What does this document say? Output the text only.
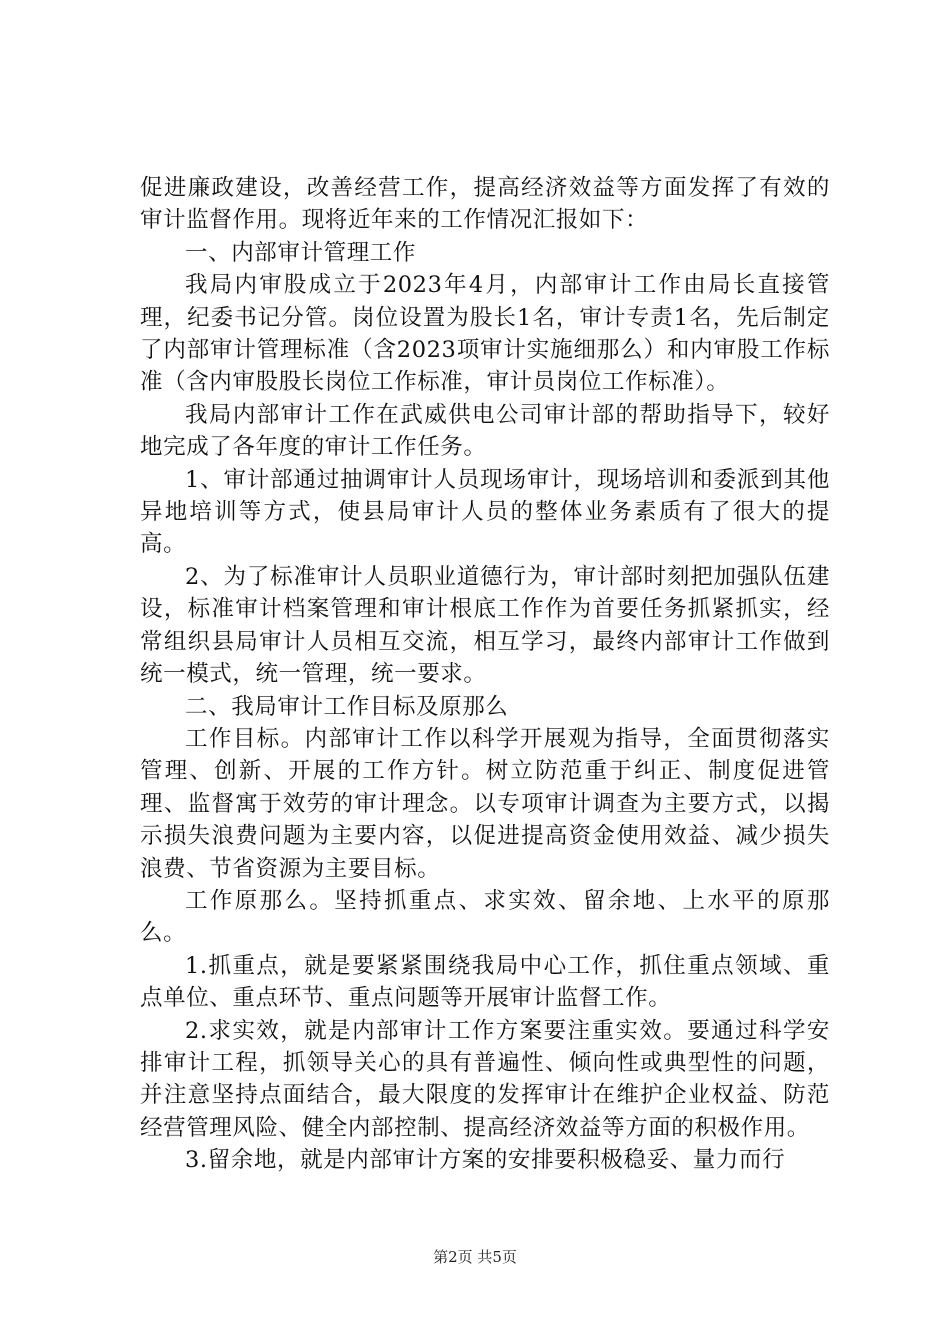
促进廉政建设，改善经营工作，提高经济效益等方面发挥了有效的审计监督作用。现将近年来的工作情况汇报如下：

一、内部审计管理工作

我局内审股成立于2023年4月，内部审计工作由局长直接管理，纪委书记分管。岗位设置为股长1名，审计专责1名，先后制定了内部审计管理标准（含2023项审计实施细那么）和内审股工作标准（含内审股股长岗位工作标准，审计员岗位工作标准）。

我局内部审计工作在武威供电公司审计部的帮助指导下，较好地完成了各年度的审计工作任务。

1、审计部通过抽调审计人员现场审计，现场培训和委派到其他异地培训等方式，使县局审计人员的整体业务素质有了很大的提高。

2、为了标准审计人员职业道德行为，审计部时刻把加强队伍建设，标准审计档案管理和审计根底工作作为首要任务抓紧抓实，经常组织县局审计人员相互交流，相互学习，最终内部审计工作做到统一模式，统一管理，统一要求。

二、我局审计工作目标及原那么

工作目标。内部审计工作以科学开展观为指导，全面贯彻落实管理、创新、开展的工作方针。树立防范重于纠正、制度促进管理、监督寓于效劳的审计理念。以专项审计调查为主要方式，以揭示损失浪费问题为主要内容，以促进提高资金使用效益、减少损失浪费、节省资源为主要目标。

工作原那么。坚持抓重点、求实效、留余地、上水平的原那么。

1.抓重点，就是要紧紧围绕我局中心工作，抓住重点领域、重点单位、重点环节、重点问题等开展审计监督工作。

2.求实效，就是内部审计工作方案要注重实效。要通过科学安排审计工程，抓领导关心的具有普遍性、倾向性或典型性的问题，并注意坚持点面结合，最大限度的发挥审计在维护企业权益、防范经营管理风险、健全内部控制、提高经济效益等方面的积极作用。

3.留余地，就是内部审计方案的安排要积极稳妥、量力而行

第2页 共5页
